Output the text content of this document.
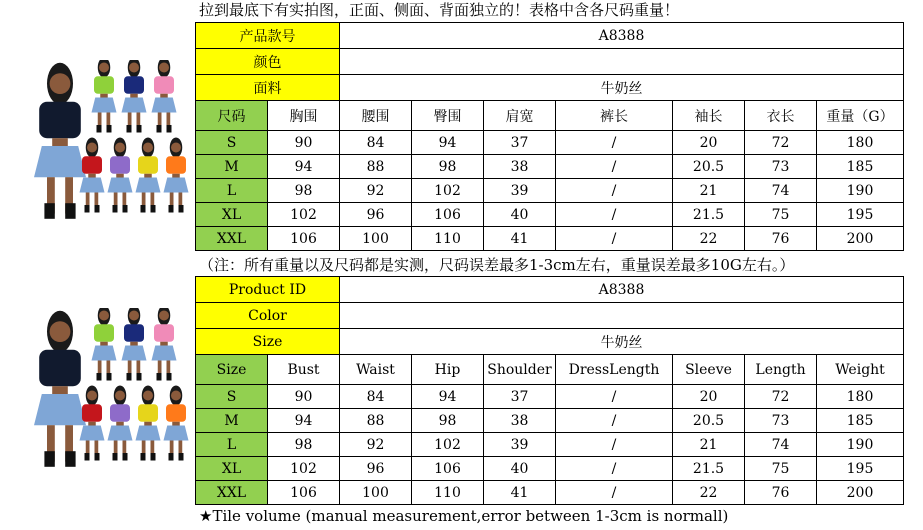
拉到最底下有实拍图，正面、侧面、背面独立的！表格中含各尺码重量！
产品款号		A8388						
颜色								
面料		牛奶丝						
尺码	胸围	腰围	臀围	肩宽	裤长	袖长	衣长	重量（G）
S	90	84	94	37	/	20	72	180
M	94	88	98	38	/	20.5	73	185
L	98	92	102	39	/	21	74	190
XL	102	96	106	40	/	21.5	75	195
XXL	106	100	110	41	/	22	76	200
（注：所有重量以及尺码都是实测，尺码误差最多1-3cm左右，重量误差最多10G左右。）
Product ID		A8388						
Color								
Size		牛奶丝						
Size	Bust	Waist	Hip	Shoulder	DressLength	Sleeve	Length	Weight
S	90	84	94	37	/	20	72	180
M	94	88	98	38	/	20.5	73	185
L	98	92	102	39	/	21	74	190
XL	102	96	106	40	/	21.5	75	195
XXL	106	100	110	41	/	22	76	200
★Tile volume (manual measurement,error between 1-3cm is normall)
